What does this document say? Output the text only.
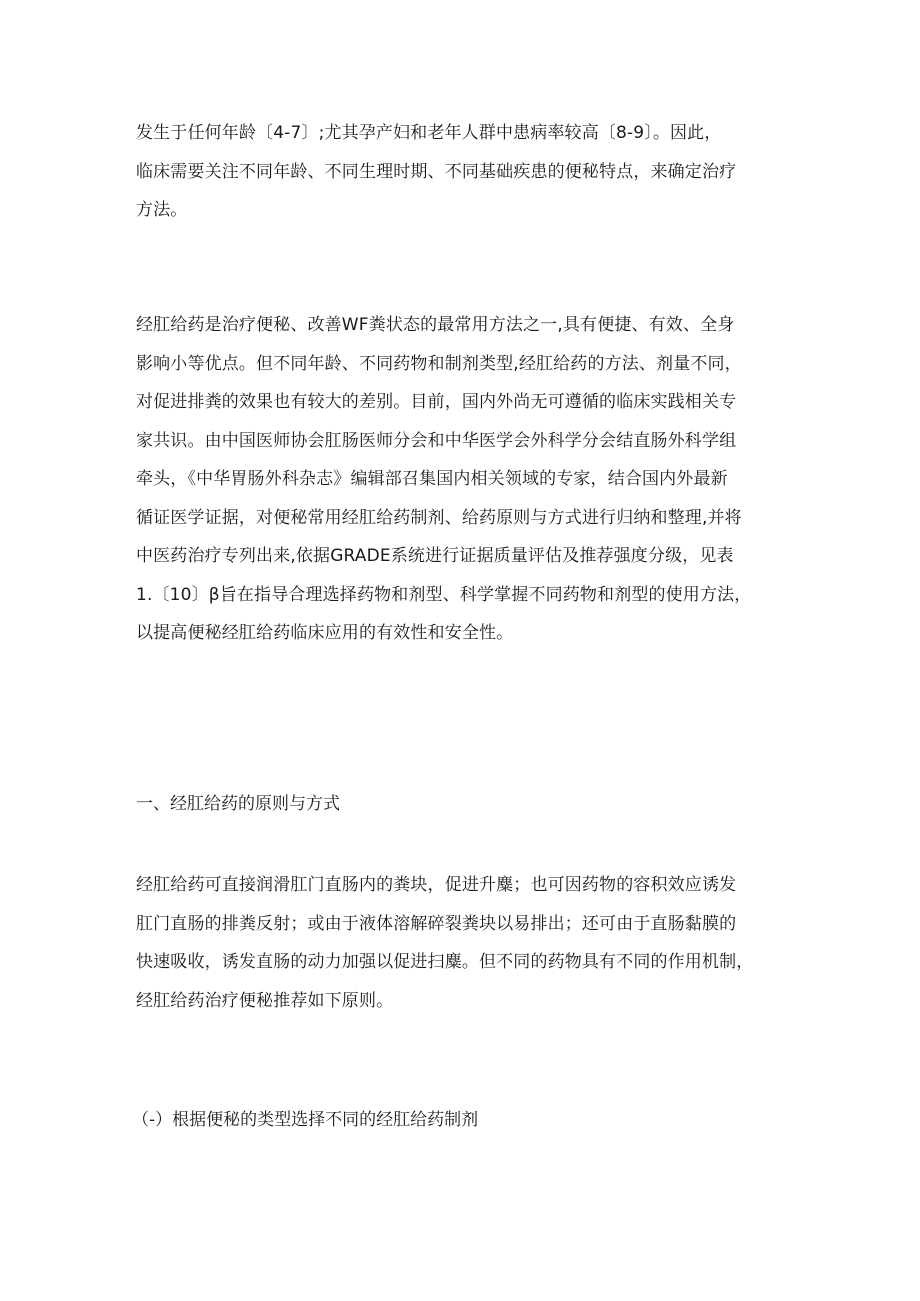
发生于任何年龄〔4-7〕;尤其孕产妇和老年人群中患病率较高〔8-9〕。因此，
临床需要关注不同年龄、不同生理时期、不同基础疾患的便秘特点，来确定治疗
方法。
经肛给药是治疗便秘、改善WF粪状态的最常用方法之一,具有便捷、有效、全身
影响小等优点。但不同年龄、不同药物和制剂类型,经肛给药的方法、剂量不同，
对促进排粪的效果也有较大的差别。目前，国内外尚无可遵循的临床实践相关专
家共识。由中国医师协会肛肠医师分会和中华医学会外科学分会结直肠外科学组
牵头，《中华胃肠外科杂志》编辑部召集国内相关领域的专家，结合国内外最新
循证医学证据，对便秘常用经肛给药制剂、给药原则与方式进行归纳和整理,并将
中医药治疗专列出来,依据GRADE系统进行证据质量评估及推荐强度分级，见表
1.〔10〕β旨在指导合理选择药物和剂型、科学掌握不同药物和剂型的使用方法，
以提高便秘经肛给药临床应用的有效性和安全性。
一、经肛给药的原则与方式
经肛给药可直接润滑肛门直肠内的粪块，促进升麋；也可因药物的容积效应诱发
肛门直肠的排粪反射；或由于液体溶解碎裂粪块以易排出；还可由于直肠黏膜的
快速吸收，诱发直肠的动力加强以促进扫麋。但不同的药物具有不同的作用机制，
经肛给药治疗便秘推荐如下原则。
（-）根据便秘的类型选择不同的经肛给药制剂
